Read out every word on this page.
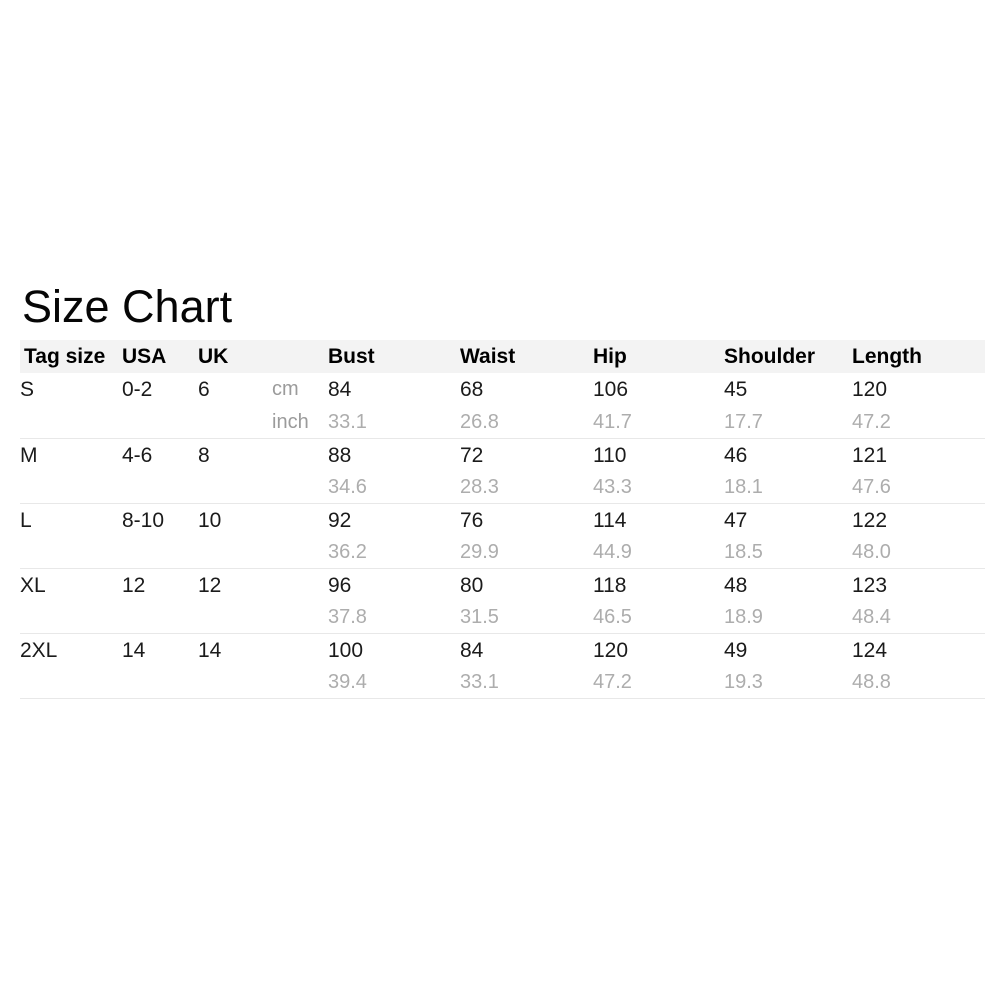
Size Chart
Tag size	USA	UK		Bust	Waist	Hip	Shoulder	Length
S	0-2	6	cm	84	68	106	45	120
			inch	33.1	26.8	41.7	17.7	47.2
M	4-6	8		88	72	110	46	121
				34.6	28.3	43.3	18.1	47.6
L	8-10	10		92	76	114	47	122
				36.2	29.9	44.9	18.5	48.0
XL	12	12		96	80	118	48	123
				37.8	31.5	46.5	18.9	48.4
2XL	14	14		100	84	120	49	124
				39.4	33.1	47.2	19.3	48.8
